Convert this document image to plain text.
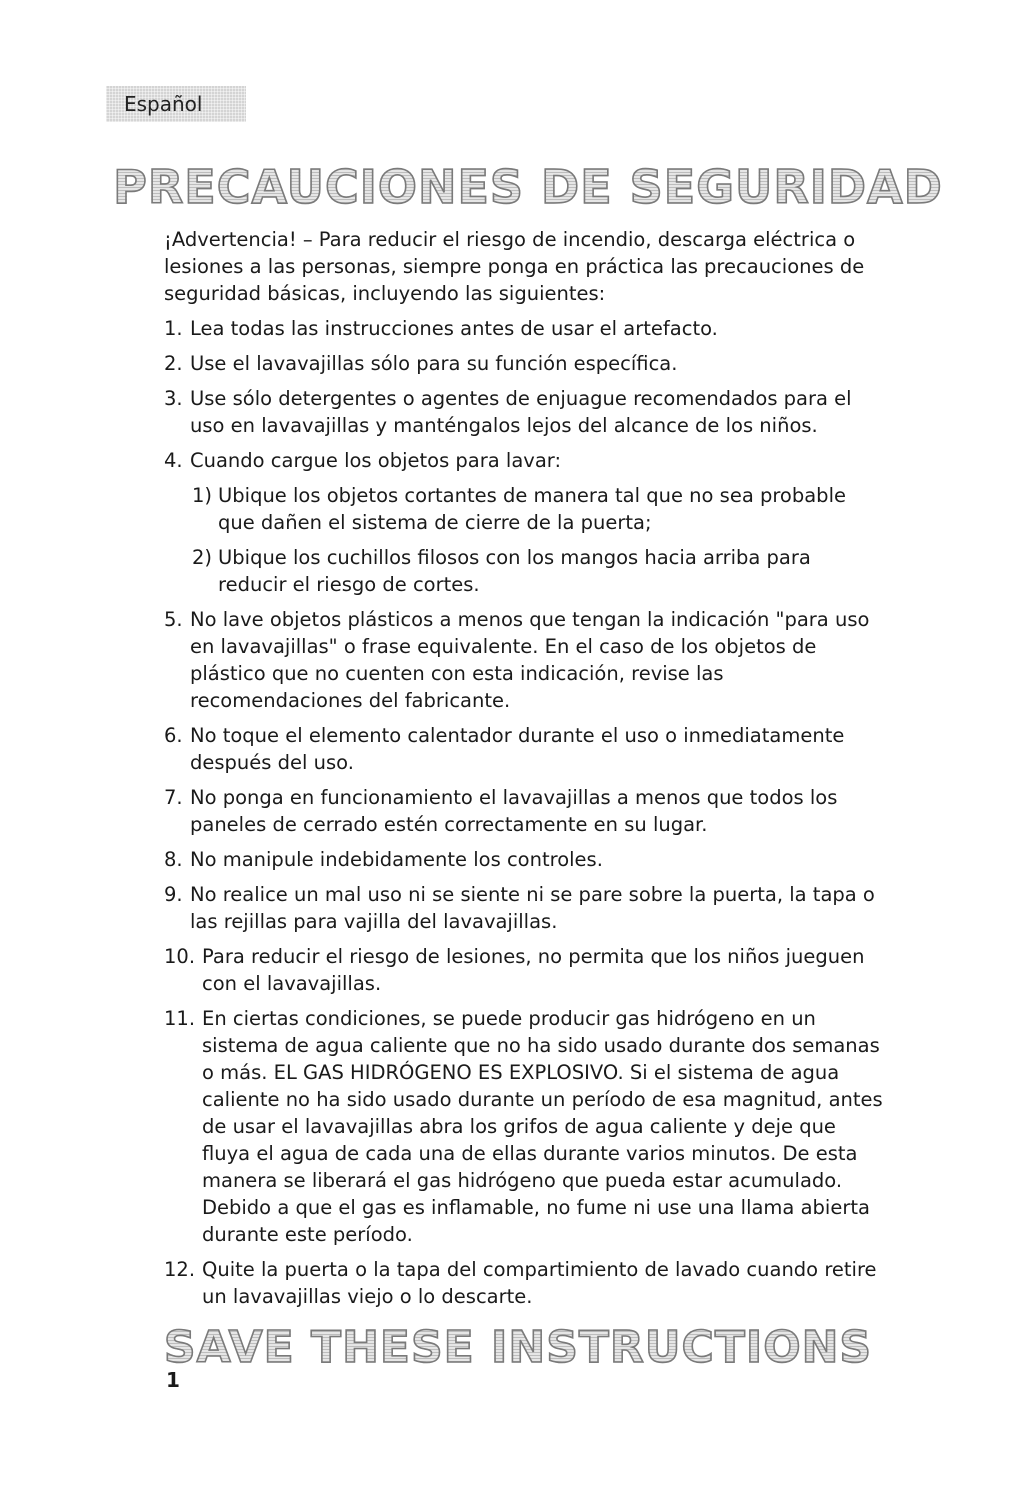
Español
PRECAUCIONES DE SEGURIDAD

¡Advertencia! – Para reducir el riesgo de incendio, descarga eléctrica o lesiones a las personas, siempre ponga en práctica las precauciones de seguridad básicas, incluyendo las siguientes:

1. Lea todas las instrucciones antes de usar el artefacto.
2. Use el lavavajillas sólo para su función específica.
3. Use sólo detergentes o agentes de enjuague recomendados para el uso en lavavajillas y manténgalos lejos del alcance de los niños.
4. Cuando cargue los objetos para lavar:
1) Ubique los objetos cortantes de manera tal que no sea probable que dañen el sistema de cierre de la puerta;
2) Ubique los cuchillos filosos con los mangos hacia arriba para reducir el riesgo de cortes.
5. No lave objetos plásticos a menos que tengan la indicación "para uso en lavavajillas" o frase equivalente. En el caso de los objetos de plástico que no cuenten con esta indicación, revise las recomendaciones del fabricante.
6. No toque el elemento calentador durante el uso o inmediatamente después del uso.
7. No ponga en funcionamiento el lavavajillas a menos que todos los paneles de cerrado estén correctamente en su lugar.
8. No manipule indebidamente los controles.
9. No realice un mal uso ni se siente ni se pare sobre la puerta, la tapa o las rejillas para vajilla del lavavajillas.
10. Para reducir el riesgo de lesiones, no permita que los niños jueguen con el lavavajillas.
11. En ciertas condiciones, se puede producir gas hidrógeno en un sistema de agua caliente que no ha sido usado durante dos semanas o más. EL GAS HIDRÓGENO ES EXPLOSIVO. Si el sistema de agua caliente no ha sido usado durante un período de esa magnitud, antes de usar el lavavajillas abra los grifos de agua caliente y deje que fluya el agua de cada una de ellas durante varios minutos. De esta manera se liberará el gas hidrógeno que pueda estar acumulado. Debido a que el gas es inflamable, no fume ni use una llama abierta durante este período.
12. Quite la puerta o la tapa del compartimiento de lavado cuando retire un lavavajillas viejo o lo descarte.
SAVE THESE INSTRUCTIONS
1
